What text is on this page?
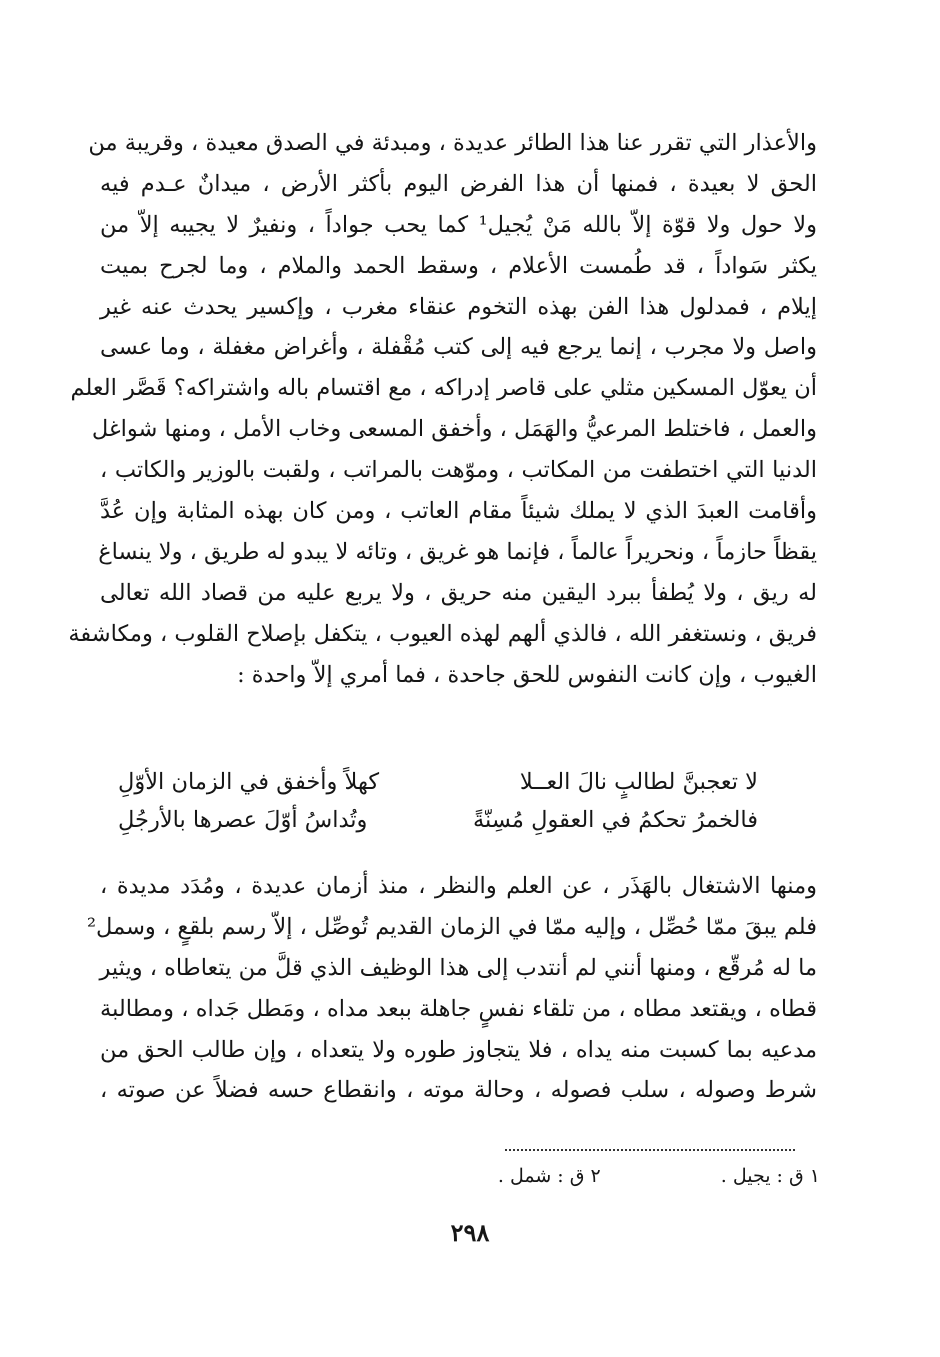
والأعذار التي تقرر عنا هذا الطائر عديدة ، ومبدئة في الصدق معيدة ، وقريبة من
الحق لا بعيدة ، فمنها أن هذا الفرض اليوم بأكثر الأرض ، ميدانٌ عـدم فيه
ولا حول ولا قوّة إلاّ بالله مَنْ يُجيل¹ كما يحب جواداً ، ونفيرٌ لا يجيبه إلاّ من
يكثر سَواداً ، قد طُمست الأعلام ، وسقط الحمد والملام ، وما لجرح بميت
إيلام ، فمدلول هذا الفن بهذه التخوم عنقاء مغرب ، وإكسير يحدث عنه غير
واصل ولا مجرب ، إنما يرجع فيه إلى كتب مُقْفلة ، وأغراض مغفلة ، وما عسى
أن يعوّل المسكين مثلي على قاصر إدراكه ، مع اقتسام باله واشتراكه؟ قَصَّر العلم
والعمل ، فاختلط المرعيُّ والهَمَل ، وأخفق المسعى وخاب الأمل ، ومنها شواغل
الدنيا التي اختطفت من المكاتب ، وموّهت بالمراتب ، ولقبت بالوزير والكاتب ،
وأقامت العبدَ الذي لا يملك شيئاً مقام العاتب ، ومن كان بهذه المثابة وإن عُدَّ
يقظاً حازماً ، ونحريراً عالماً ، فإنما هو غريق ، وتائه لا يبدو له طريق ، ولا ينساغ
له ريق ، ولا يُطفأ ببرد اليقين منه حريق ، ولا يربع عليه من قصاد الله تعالى
فريق ، ونستغفر الله ، فالذي ألهم لهذه العيوب ، يتكفل بإصلاح القلوب ، ومكاشفة
الغيوب ، وإن كانت النفوس للحق جاحدة ، فما أمري إلاّ واحدة :
لا تعجبنَّ لطالبٍ نالَ العــلا
كهلاً وأخفق في الزمان الأوّلِ
فالخمرُ تحكمُ في العقولِ مُسِنّةً
وتُداسُ أوّلَ عصرها بالأرجُلِ
ومنها الاشتغال بالهَذَر ، عن العلم والنظر ، منذ أزمان عديدة ، ومُدَد مديدة ،
فلم يبقَ ممّا حُصِّل ، وإليه ممّا في الزمان القديم تُوصِّل ، إلاّ رسم بلقعٍ ، وسمل²
ما له مُرقّع ، ومنها أنني لم أنتدب إلى هذا الوظيف الذي قلَّ من يتعاطاه ، ويثير
قطاه ، ويقتعد مطاه ، من تلقاء نفسٍ جاهلة ببعد مداه ، ومَطل جَداه ، ومطالبة
مدعيه بما كسبت منه يداه ، فلا يتجاوز طوره ولا يتعداه ، وإن طالب الحق من
شرط وصوله ، سلب فصوله ، وحالة موته ، وانقطاع حسه فضلاً عن صوته ،
١ ق : يجيل .
٢ ق : شمل .
٢٩٨
